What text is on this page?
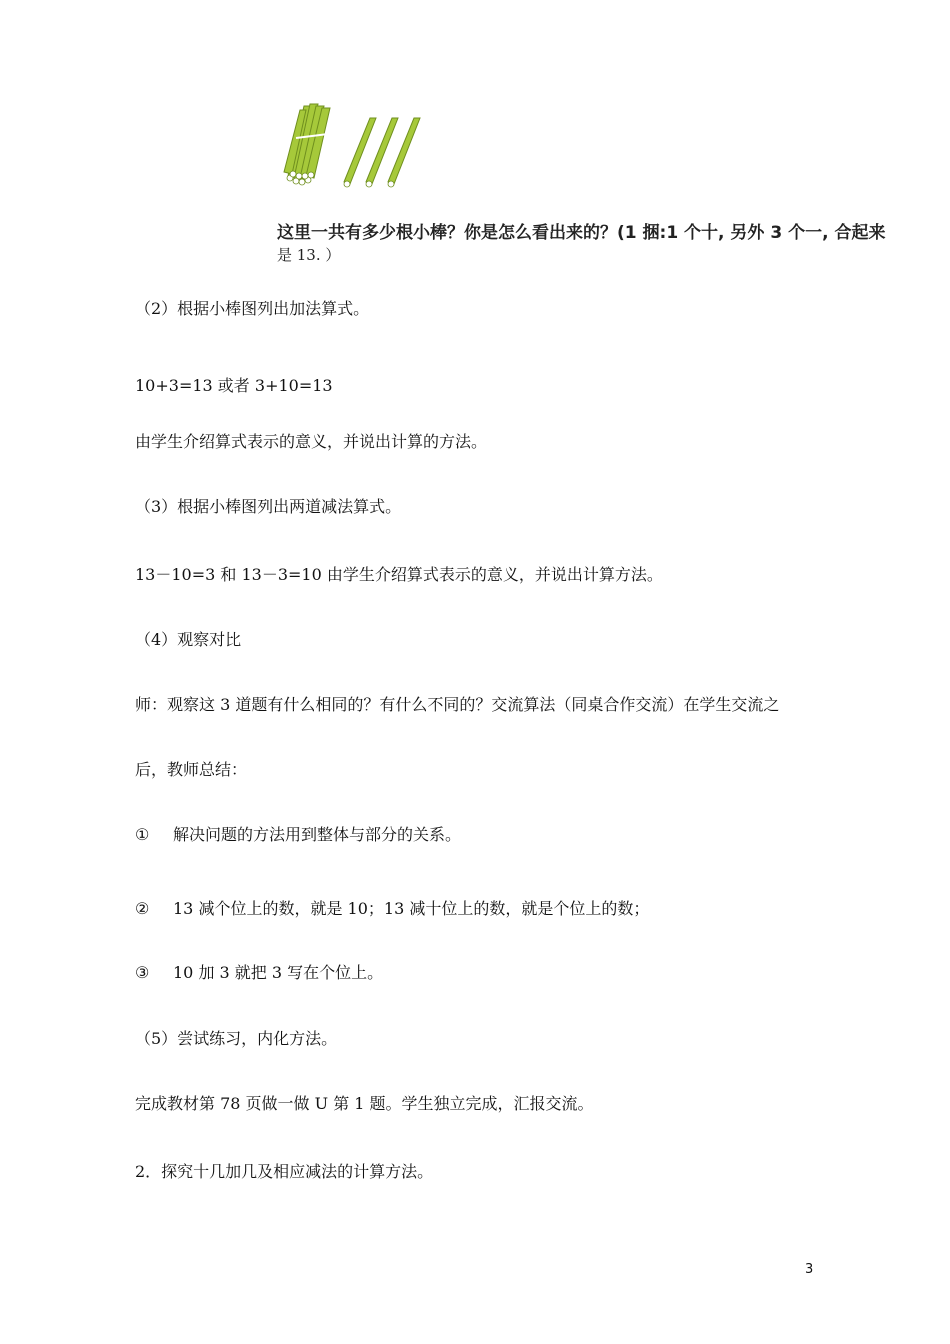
这里一共有多少根小棒？你是怎么看出来的？(1 捆:1 个十, 另外 3 个一, 合起来
是 13. ）

（2）根据小棒图列出加法算式。

10+3=13 或者 3+10=13

由学生介绍算式表示的意义，并说出计算的方法。

（3）根据小棒图列出两道减法算式。

13－10=3 和 13－3=10 由学生介绍算式表示的意义，并说出计算方法。

（4）观察对比

师：观察这 3 道题有什么相同的？有什么不同的？交流算法（同桌合作交流）在学生交流之

后，教师总结：

① 解决问题的方法用到整体与部分的关系。

② 13 减个位上的数，就是 10；13 减十位上的数，就是个位上的数；

③ 10 加 3 就把 3 写在个位上。

（5）尝试练习，内化方法。

完成教材第 78 页做一做 U 第 1 题。学生独立完成，汇报交流。

2．探究十几加几及相应减法的计算方法。

3
